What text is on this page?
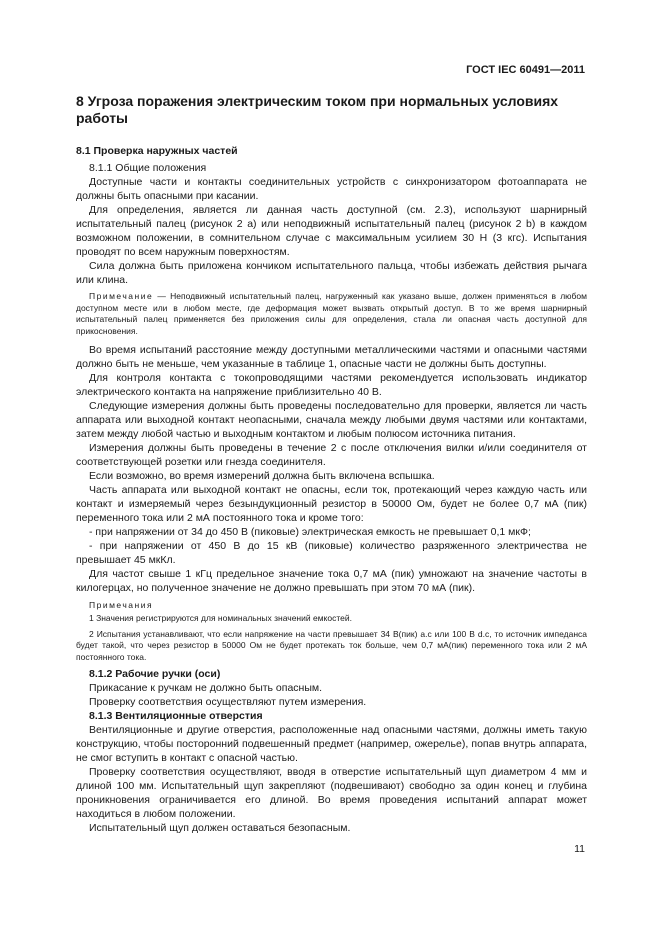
ГОСТ IEC 60491—2011
8 Угроза поражения электрическим током при нормальных условиях работы
8.1 Проверка наружных частей

8.1.1 Общие положения

Доступные части и контакты соединительных устройств с синхронизатором фотоаппарата не должны быть опасными при касании.

Для определения, является ли данная часть доступной (см. 2.3), используют шарнирный испытательный палец (рисунок 2 а) или неподвижный испытательный палец (рисунок 2 b) в каждом возможном положении, в сомнительном случае с максимальным усилием 30 Н (3 кгс). Испытания проводят по всем наружным поверхностям.

Сила должна быть приложена кончиком испытательного пальца, чтобы избежать действия рычага или клина.

Примечание — Неподвижный испытательный палец, нагруженный как указано выше, должен применяться в любом доступном месте или в любом месте, где деформация может вызвать открытый доступ. В то же время шарнирный испытательный палец применяется без приложения силы для определения, стала ли опасная часть доступной для прикосновения.

Во время испытаний расстояние между доступными металлическими частями и опасными частями должно быть не меньше, чем указанные в таблице 1, опасные части не должны быть доступны.

Для контроля контакта с токопроводящими частями рекомендуется использовать индикатор электрического контакта на напряжение приблизительно 40 В.

Следующие измерения должны быть проведены последовательно для проверки, является ли часть аппарата или выходной контакт неопасными, сначала между любыми двумя частями или контактами, затем между любой частью и выходным контактом и любым полюсом источника питания.

Измерения должны быть проведены в течение 2 с после отключения вилки и/или соединителя от соответствующей розетки или гнезда соединителя.

Если возможно, во время измерений должна быть включена вспышка.

Часть аппарата или выходной контакт не опасны, если ток, протекающий через каждую часть или контакт и измеряемый через безындукционный резистор в 50000 Ом, будет не более 0,7 мА (пик) переменного тока или 2 мА постоянного тока и кроме того:

- при напряжении от 34 до 450 В (пиковые) электрическая емкость не превышает 0,1 мкФ;

- при напряжении от 450 В до 15 кВ (пиковые) количество разряженного электричества не превышает 45 мкКл.

Для частот свыше 1 кГц предельное значение тока 0,7 мА (пик) умножают на значение частоты в килогерцах, но полученное значение не должно превышать при этом 70 мА (пик).

Примечания

1 Значения регистрируются для номинальных значений емкостей.

2 Испытания устанавливают, что если напряжение на части превышает 34 В(пик) а.с или 100 В d.c, то источник импеданса будет такой, что через резистор в 50000 Ом не будет протекать ток больше, чем 0,7 мА(пик) переменного тока или 2 мА постоянного тока.

8.1.2 Рабочие ручки (оси)

Прикасание к ручкам не должно быть опасным.

Проверку соответствия осуществляют путем измерения.

8.1.3 Вентиляционные отверстия

Вентиляционные и другие отверстия, расположенные над опасными частями, должны иметь такую конструкцию, чтобы посторонний подвешенный предмет (например, ожерелье), попав внутрь аппарата, не смог вступить в контакт с опасной частью.

Проверку соответствия осуществляют, вводя в отверстие испытательный щуп диаметром 4 мм и длиной 100 мм. Испытательный щуп закрепляют (подвешивают) свободно за один конец и глубина проникновения ограничивается его длиной. Во время проведения испытаний аппарат может находиться в любом положении.

Испытательный щуп должен оставаться безопасным.

11
